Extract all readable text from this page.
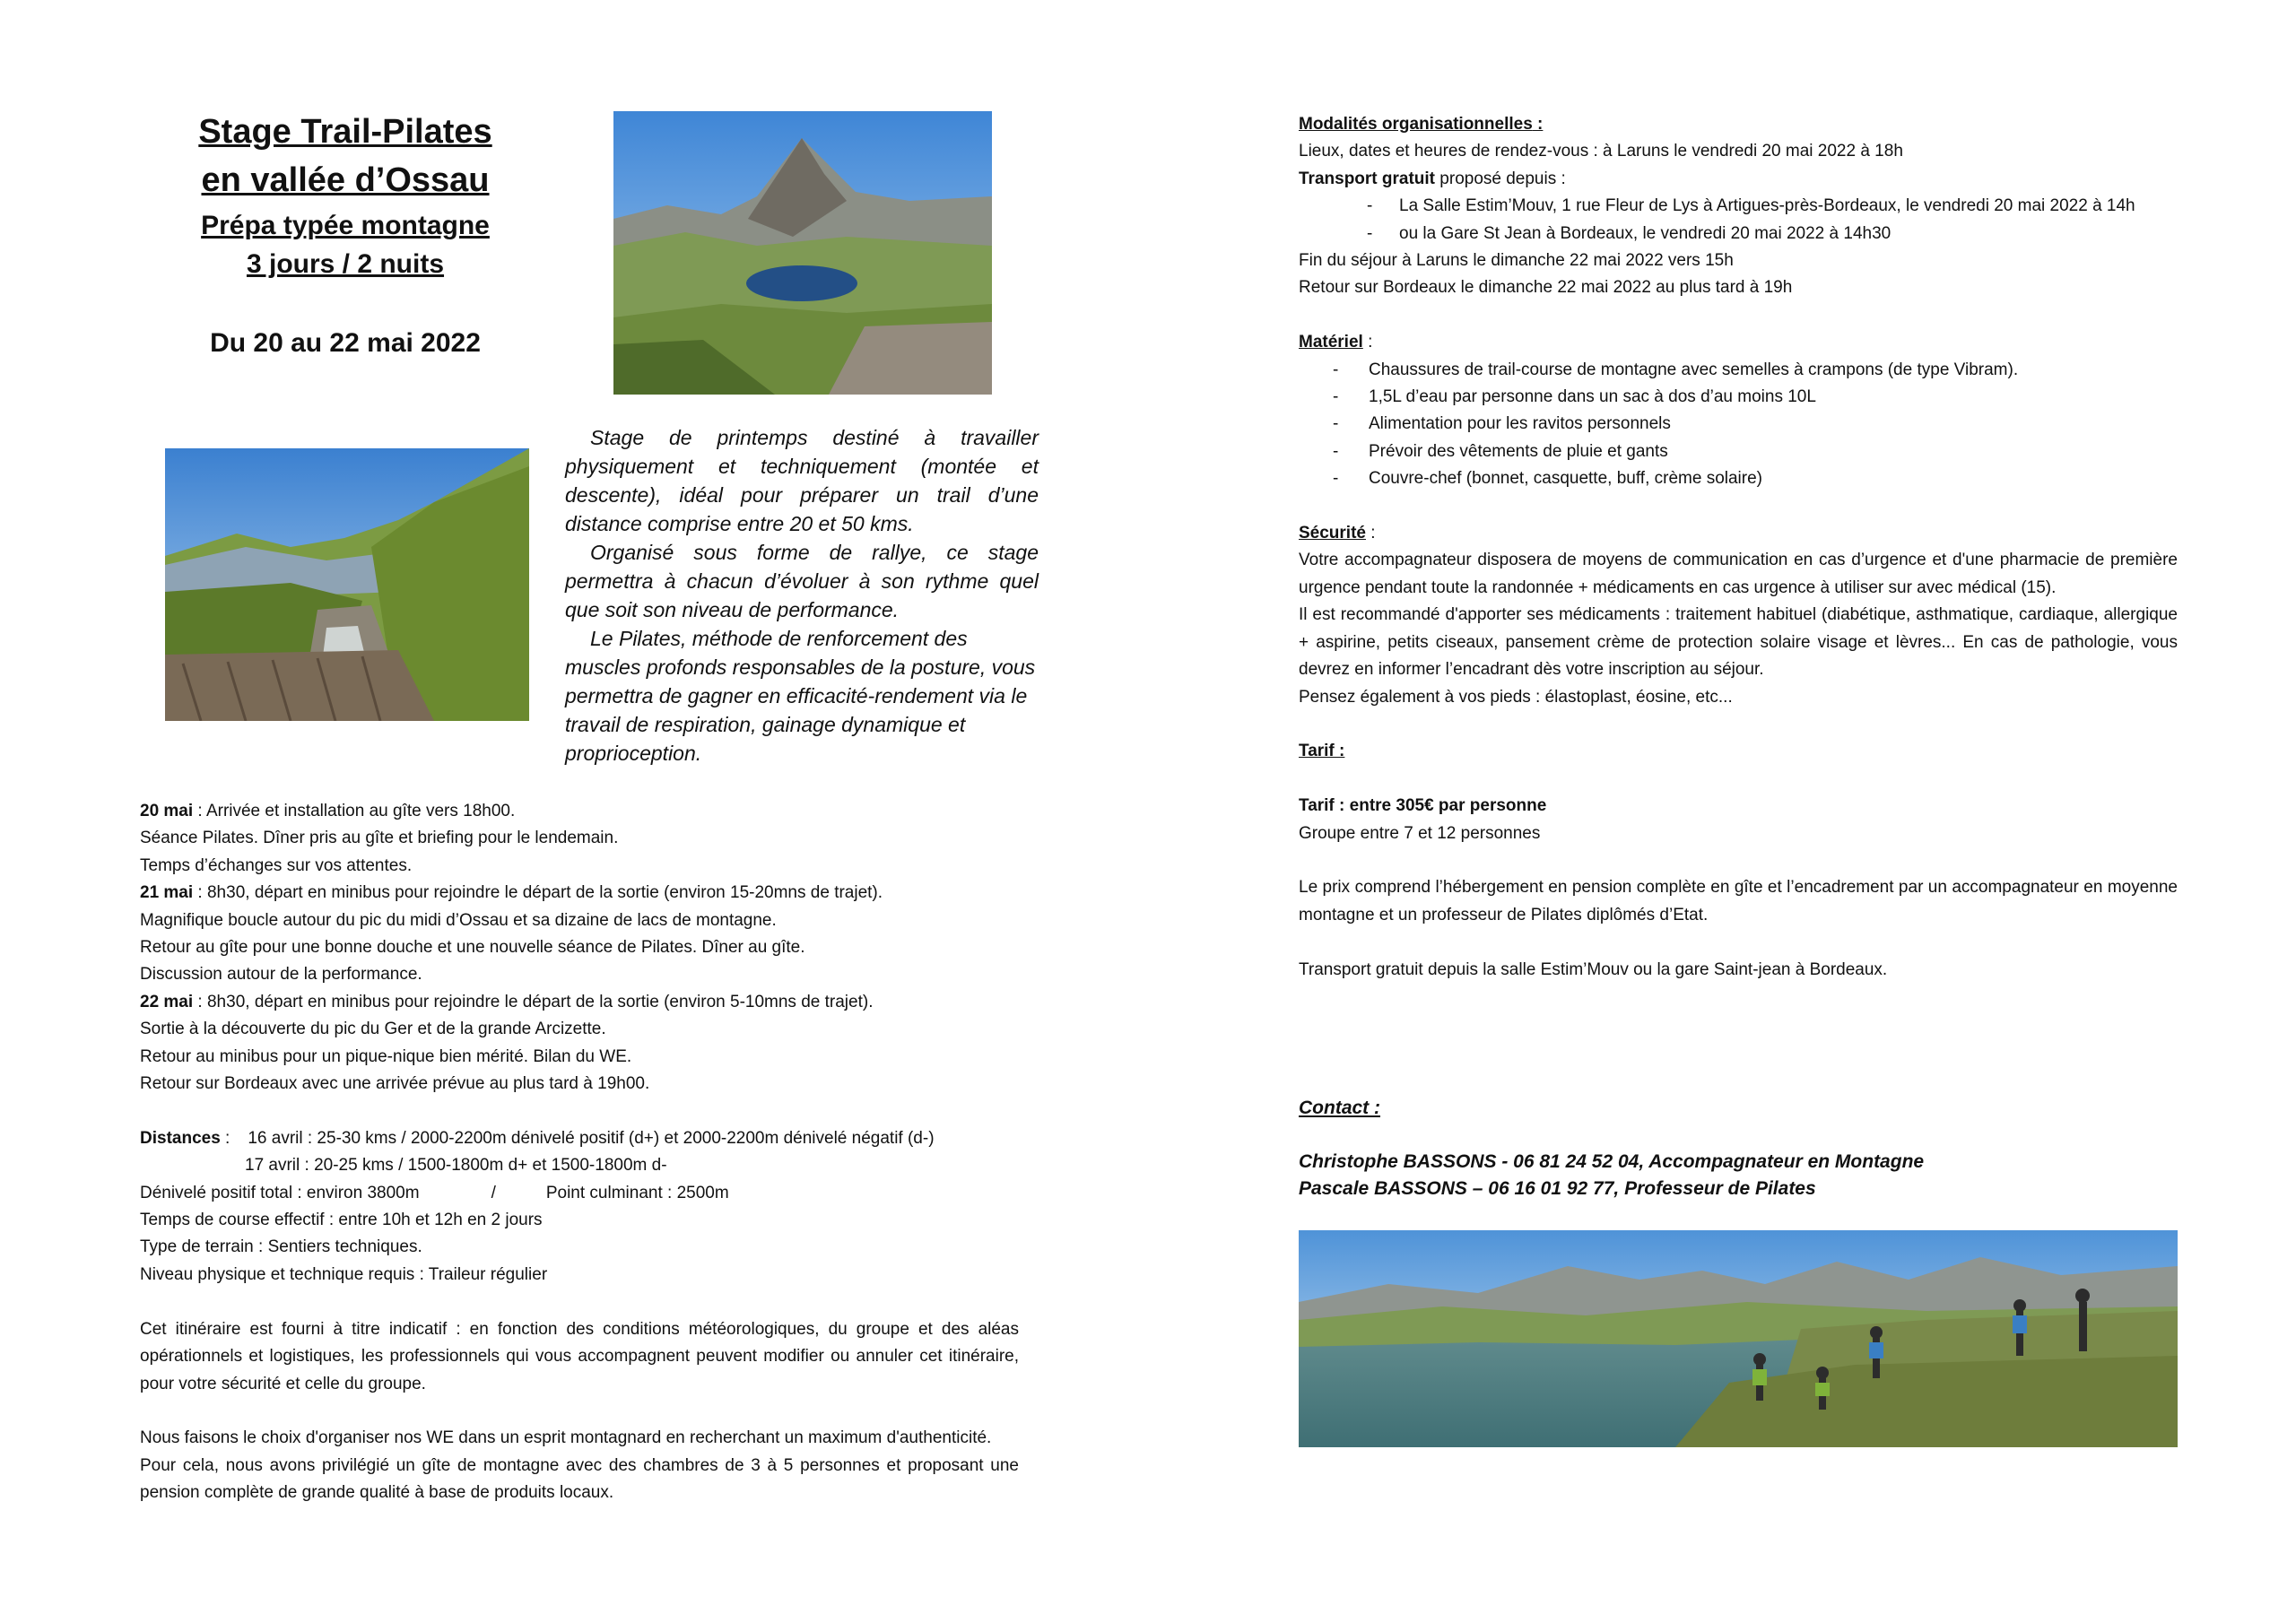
Stage Trail-Pilates
en vallée d’Ossau
Prépa typée montagne
3 jours / 2 nuits
Du 20 au 22 mai 2022

Stage de printemps destiné à travailler physiquement et techniquement (montée et descente), idéal pour préparer un trail d’une distance comprise entre 20 et 50 kms.

Organisé sous forme de rallye, ce stage permettra à chacun d’évoluer à son rythme quel que soit son niveau de performance.

Le Pilates, méthode de renforcement des muscles profonds responsables de la posture, vous permettra de gagner en efficacité-rendement via le travail de respiration, gainage dynamique et proprioception.

20 mai : Arrivée et installation au gîte vers 18h00.
Séance Pilates. Dîner pris au gîte et briefing pour le lendemain.
Temps d’échanges sur vos attentes.
21 mai : 8h30, départ en minibus pour rejoindre le départ de la sortie (environ 15-20mns de trajet).
Magnifique boucle autour du pic du midi d’Ossau et sa dizaine de lacs de montagne.
Retour au gîte pour une bonne douche et une nouvelle séance de Pilates. Dîner au gîte.
Discussion autour de la performance.
22 mai : 8h30, départ en minibus pour rejoindre le départ de la sortie (environ 5-10mns de trajet).
Sortie à la découverte du pic du Ger et de la grande Arcizette.
Retour au minibus pour un pique-nique bien mérité. Bilan du WE.
Retour sur Bordeaux avec une arrivée prévue au plus tard à 19h00.
Distances : 16 avril : 25-30 kms / 2000-2200m dénivelé positif (d+) et 2000-2200m dénivelé négatif (d-)
17 avril : 20-25 kms / 1500-1800m d+ et 1500-1800m d-
Dénivelé positif total : environ 3800m	/	Point culminant : 2500m
Temps de course effectif : entre 10h et 12h en 2 jours
Type de terrain : Sentiers techniques.
Niveau physique et technique requis : Traileur régulier
Cet itinéraire est fourni à titre indicatif : en fonction des conditions météorologiques, du groupe et des aléas opérationnels et logistiques, les professionnels qui vous accompagnent peuvent modifier ou annuler cet itinéraire, pour votre sécurité et celle du groupe.
Nous faisons le choix d'organiser nos WE dans un esprit montagnard en recherchant un maximum d'authenticité.
Pour cela, nous avons privilégié un gîte de montagne avec des chambres de 3 à 5 personnes et proposant une pension complète de grande qualité à base de produits locaux.
Modalités organisationnelles :
Lieux, dates et heures de rendez-vous : à Laruns le vendredi 20 mai 2022 à 18h
Transport gratuit proposé depuis :
- La Salle Estim’Mouv, 1 rue Fleur de Lys à Artigues-près-Bordeaux, le vendredi 20 mai 2022 à 14h
- ou la Gare St Jean à Bordeaux, le vendredi 20 mai 2022 à 14h30
Fin du séjour à Laruns le dimanche 22 mai 2022 vers 15h
Retour sur Bordeaux le dimanche 22 mai 2022 au plus tard à 19h
Matériel :
- Chaussures de trail-course de montagne avec semelles à crampons (de type Vibram).
- 1,5L d’eau par personne dans un sac à dos d’au moins 10L
- Alimentation pour les ravitos personnels
- Prévoir des vêtements de pluie et gants
- Couvre-chef (bonnet, casquette, buff, crème solaire)
Sécurité :
Votre accompagnateur disposera de moyens de communication en cas d’urgence et d'une pharmacie de première urgence pendant toute la randonnée + médicaments en cas urgence à utiliser sur avec médical (15).
Il est recommandé d'apporter ses médicaments : traitement habituel (diabétique, asthmatique, cardiaque, allergique + aspirine, petits ciseaux, pansement crème de protection solaire visage et lèvres... En cas de pathologie, vous devrez en informer l’encadrant dès votre inscription au séjour.
Pensez également à vos pieds : élastoplast, éosine, etc...
Tarif :
Tarif : entre 305€ par personne
Groupe entre 7 et 12 personnes
Le prix comprend l’hébergement en pension complète en gîte et l’encadrement par un accompagnateur en moyenne montagne et un professeur de Pilates diplômés d’Etat.
Transport gratuit depuis la salle Estim’Mouv ou la gare Saint-jean à Bordeaux.
Contact :
Christophe BASSONS - 06 81 24 52 04, Accompagnateur en Montagne
Pascale BASSONS – 06 16 01 92 77, Professeur de Pilates
